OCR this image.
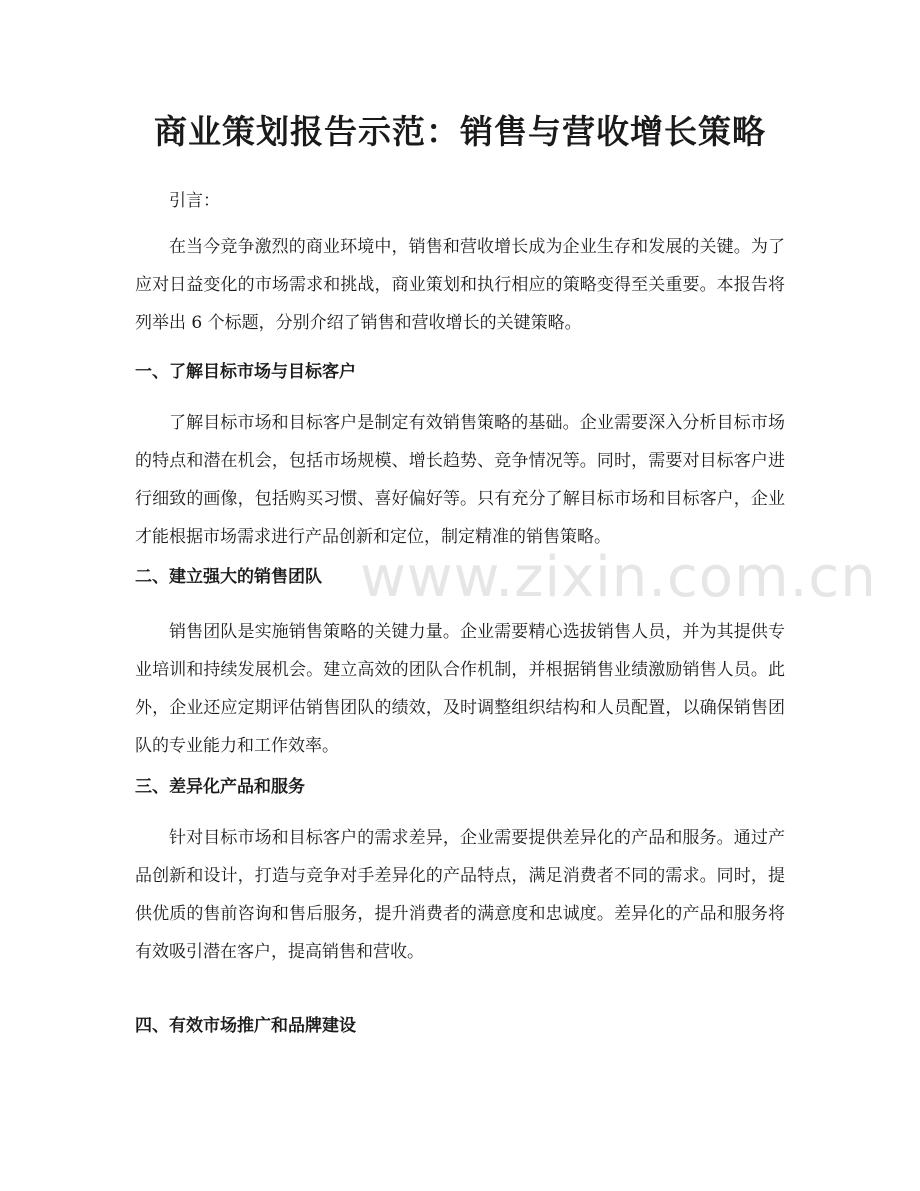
www.zixin.com.cn
商业策划报告示范：销售与营收增长策略

引言：

在当今竞争激烈的商业环境中，销售和营收增长成为企业生存和发展的关键。为了应对日益变化的市场需求和挑战，商业策划和执行相应的策略变得至关重要。本报告将列举出 6 个标题，分别介绍了销售和营收增长的关键策略。

一、了解目标市场与目标客户

了解目标市场和目标客户是制定有效销售策略的基础。企业需要深入分析目标市场的特点和潜在机会，包括市场规模、增长趋势、竞争情况等。同时，需要对目标客户进行细致的画像，包括购买习惯、喜好偏好等。只有充分了解目标市场和目标客户，企业才能根据市场需求进行产品创新和定位，制定精准的销售策略。

二、建立强大的销售团队

销售团队是实施销售策略的关键力量。企业需要精心选拔销售人员，并为其提供专业培训和持续发展机会。建立高效的团队合作机制，并根据销售业绩激励销售人员。此外，企业还应定期评估销售团队的绩效，及时调整组织结构和人员配置，以确保销售团队的专业能力和工作效率。

三、差异化产品和服务

针对目标市场和目标客户的需求差异，企业需要提供差异化的产品和服务。通过产品创新和设计，打造与竞争对手差异化的产品特点，满足消费者不同的需求。同时，提供优质的售前咨询和售后服务，提升消费者的满意度和忠诚度。差异化的产品和服务将有效吸引潜在客户，提高销售和营收。

四、有效市场推广和品牌建设
